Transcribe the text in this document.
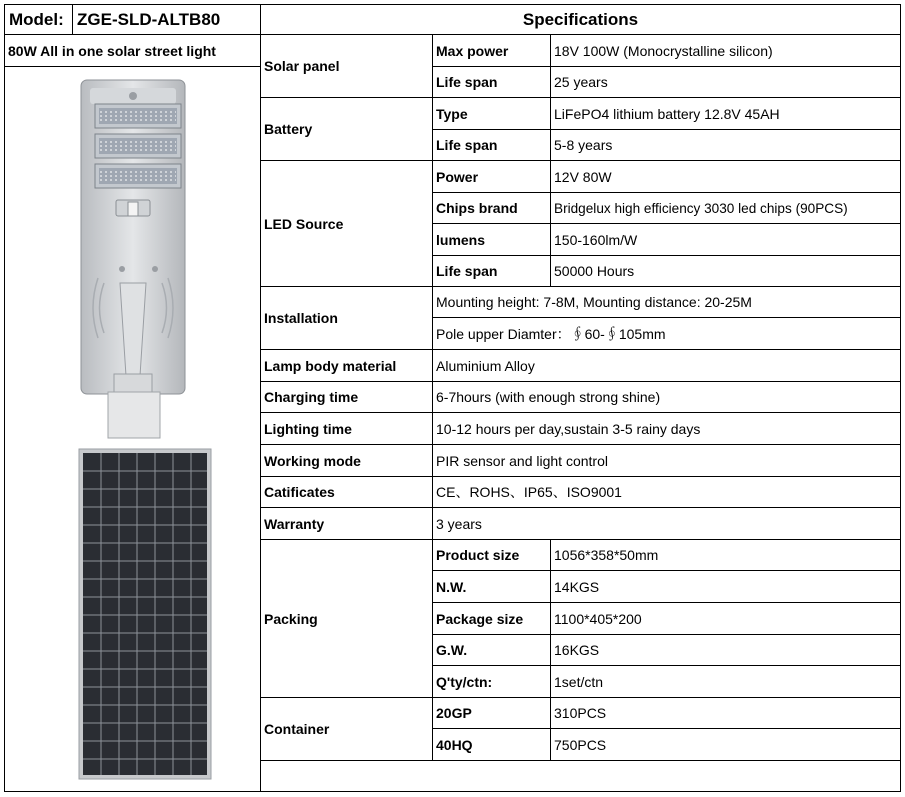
Model: ZGE-SLD-ALTB80	Specifications
80W All in one solar street light
Solar panel
Max power	18V 100W (Monocrystalline silicon)
Life span	25 years
Battery
Type	LiFePO4 lithium battery 12.8V 45AH
Life span	5-8 years
LED Source
Power	12V 80W
Chips brand	Bridgelux high efficiency 3030 led chips (90PCS)
lumens	150-160lm/W
Life span	50000 Hours
Installation
Mounting height: 7-8M, Mounting distance: 20-25M
Pole upper Diamter：∮60-∮105mm
Lamp body material	Aluminium Alloy
Charging time	6-7hours (with enough strong shine)
Lighting time	10-12 hours per day,sustain 3-5 rainy days
Working mode	PIR sensor and light control
Catificates	CE、ROHS、IP65、ISO9001
Warranty	3 years
Packing
Product size	1056*358*50mm
N.W.	14KGS
Package size	1100*405*200
G.W.	16KGS
Q'ty/ctn:	1set/ctn
Container
20GP	310PCS
40HQ	750PCS
